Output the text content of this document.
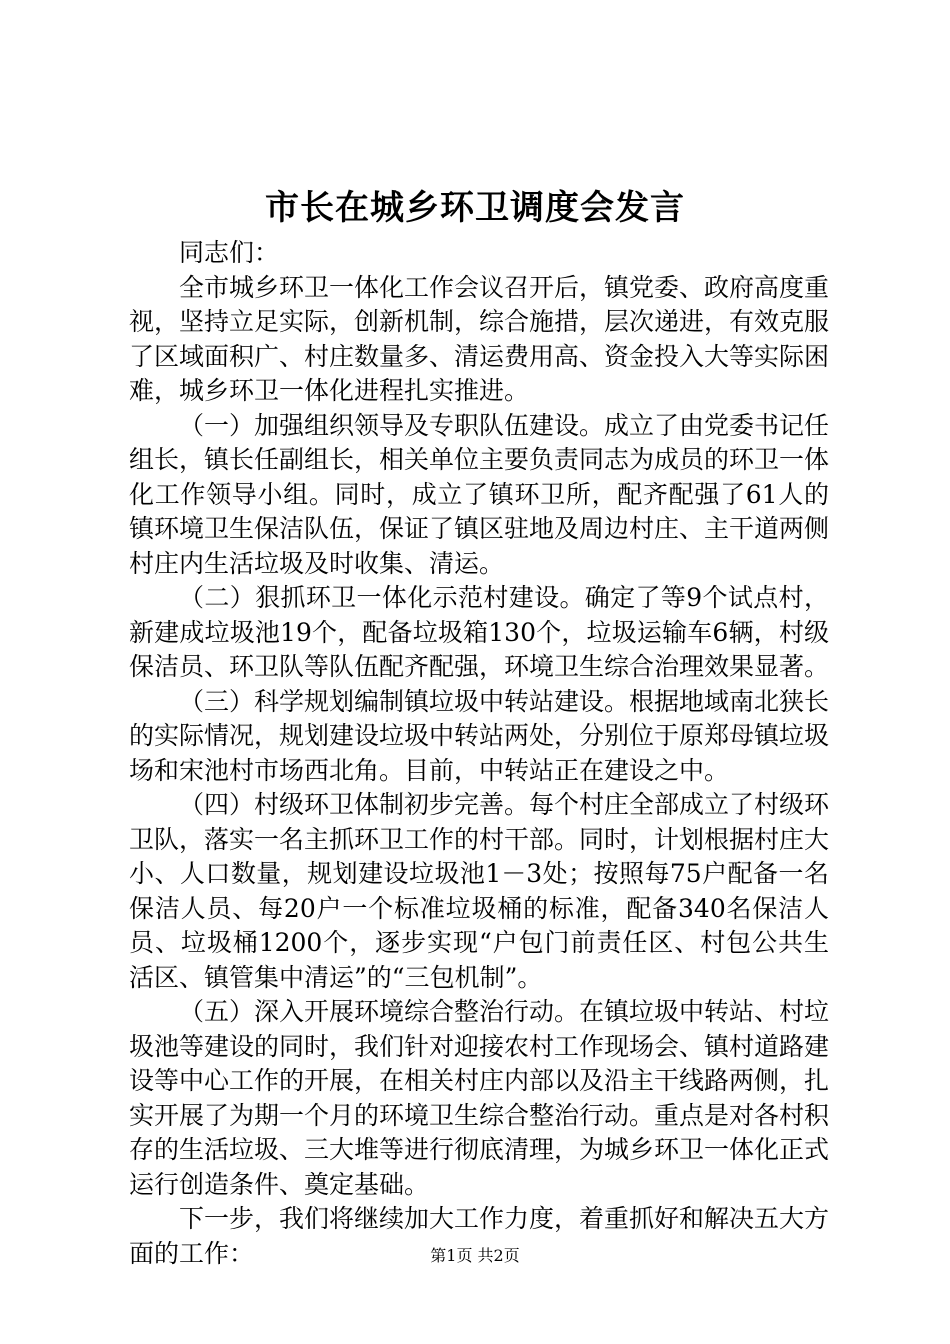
市长在城乡环卫调度会发言

同志们：

全市城乡环卫一体化工作会议召开后，镇党委、政府高度重视，坚持立足实际，创新机制，综合施措，层次递进，有效克服了区域面积广、村庄数量多、清运费用高、资金投入大等实际困难，城乡环卫一体化进程扎实推进。

（一）加强组织领导及专职队伍建设。成立了由党委书记任组长，镇长任副组长，相关单位主要负责同志为成员的环卫一体化工作领导小组。同时，成立了镇环卫所，配齐配强了61人的镇环境卫生保洁队伍，保证了镇区驻地及周边村庄、主干道两侧村庄内生活垃圾及时收集、清运。

（二）狠抓环卫一体化示范村建设。确定了等9个试点村，新建成垃圾池19个，配备垃圾箱130个，垃圾运输车6辆，村级保洁员、环卫队等队伍配齐配强，环境卫生综合治理效果显著。

（三）科学规划编制镇垃圾中转站建设。根据地域南北狭长的实际情况，规划建设垃圾中转站两处，分别位于原郑母镇垃圾场和宋池村市场西北角。目前，中转站正在建设之中。

（四）村级环卫体制初步完善。每个村庄全部成立了村级环卫队，落实一名主抓环卫工作的村干部。同时，计划根据村庄大小、人口数量，规划建设垃圾池1－3处；按照每75户配备一名保洁人员、每20户一个标准垃圾桶的标准，配备340名保洁人员、垃圾桶1200个，逐步实现“户包门前责任区、村包公共生活区、镇管集中清运”的“三包机制”。

（五）深入开展环境综合整治行动。在镇垃圾中转站、村垃圾池等建设的同时，我们针对迎接农村工作现场会、镇村道路建设等中心工作的开展，在相关村庄内部以及沿主干线路两侧，扎实开展了为期一个月的环境卫生综合整治行动。重点是对各村积存的生活垃圾、三大堆等进行彻底清理，为城乡环卫一体化正式运行创造条件、奠定基础。

下一步，我们将继续加大工作力度，着重抓好和解决五大方面的工作：	第1页 共2页
